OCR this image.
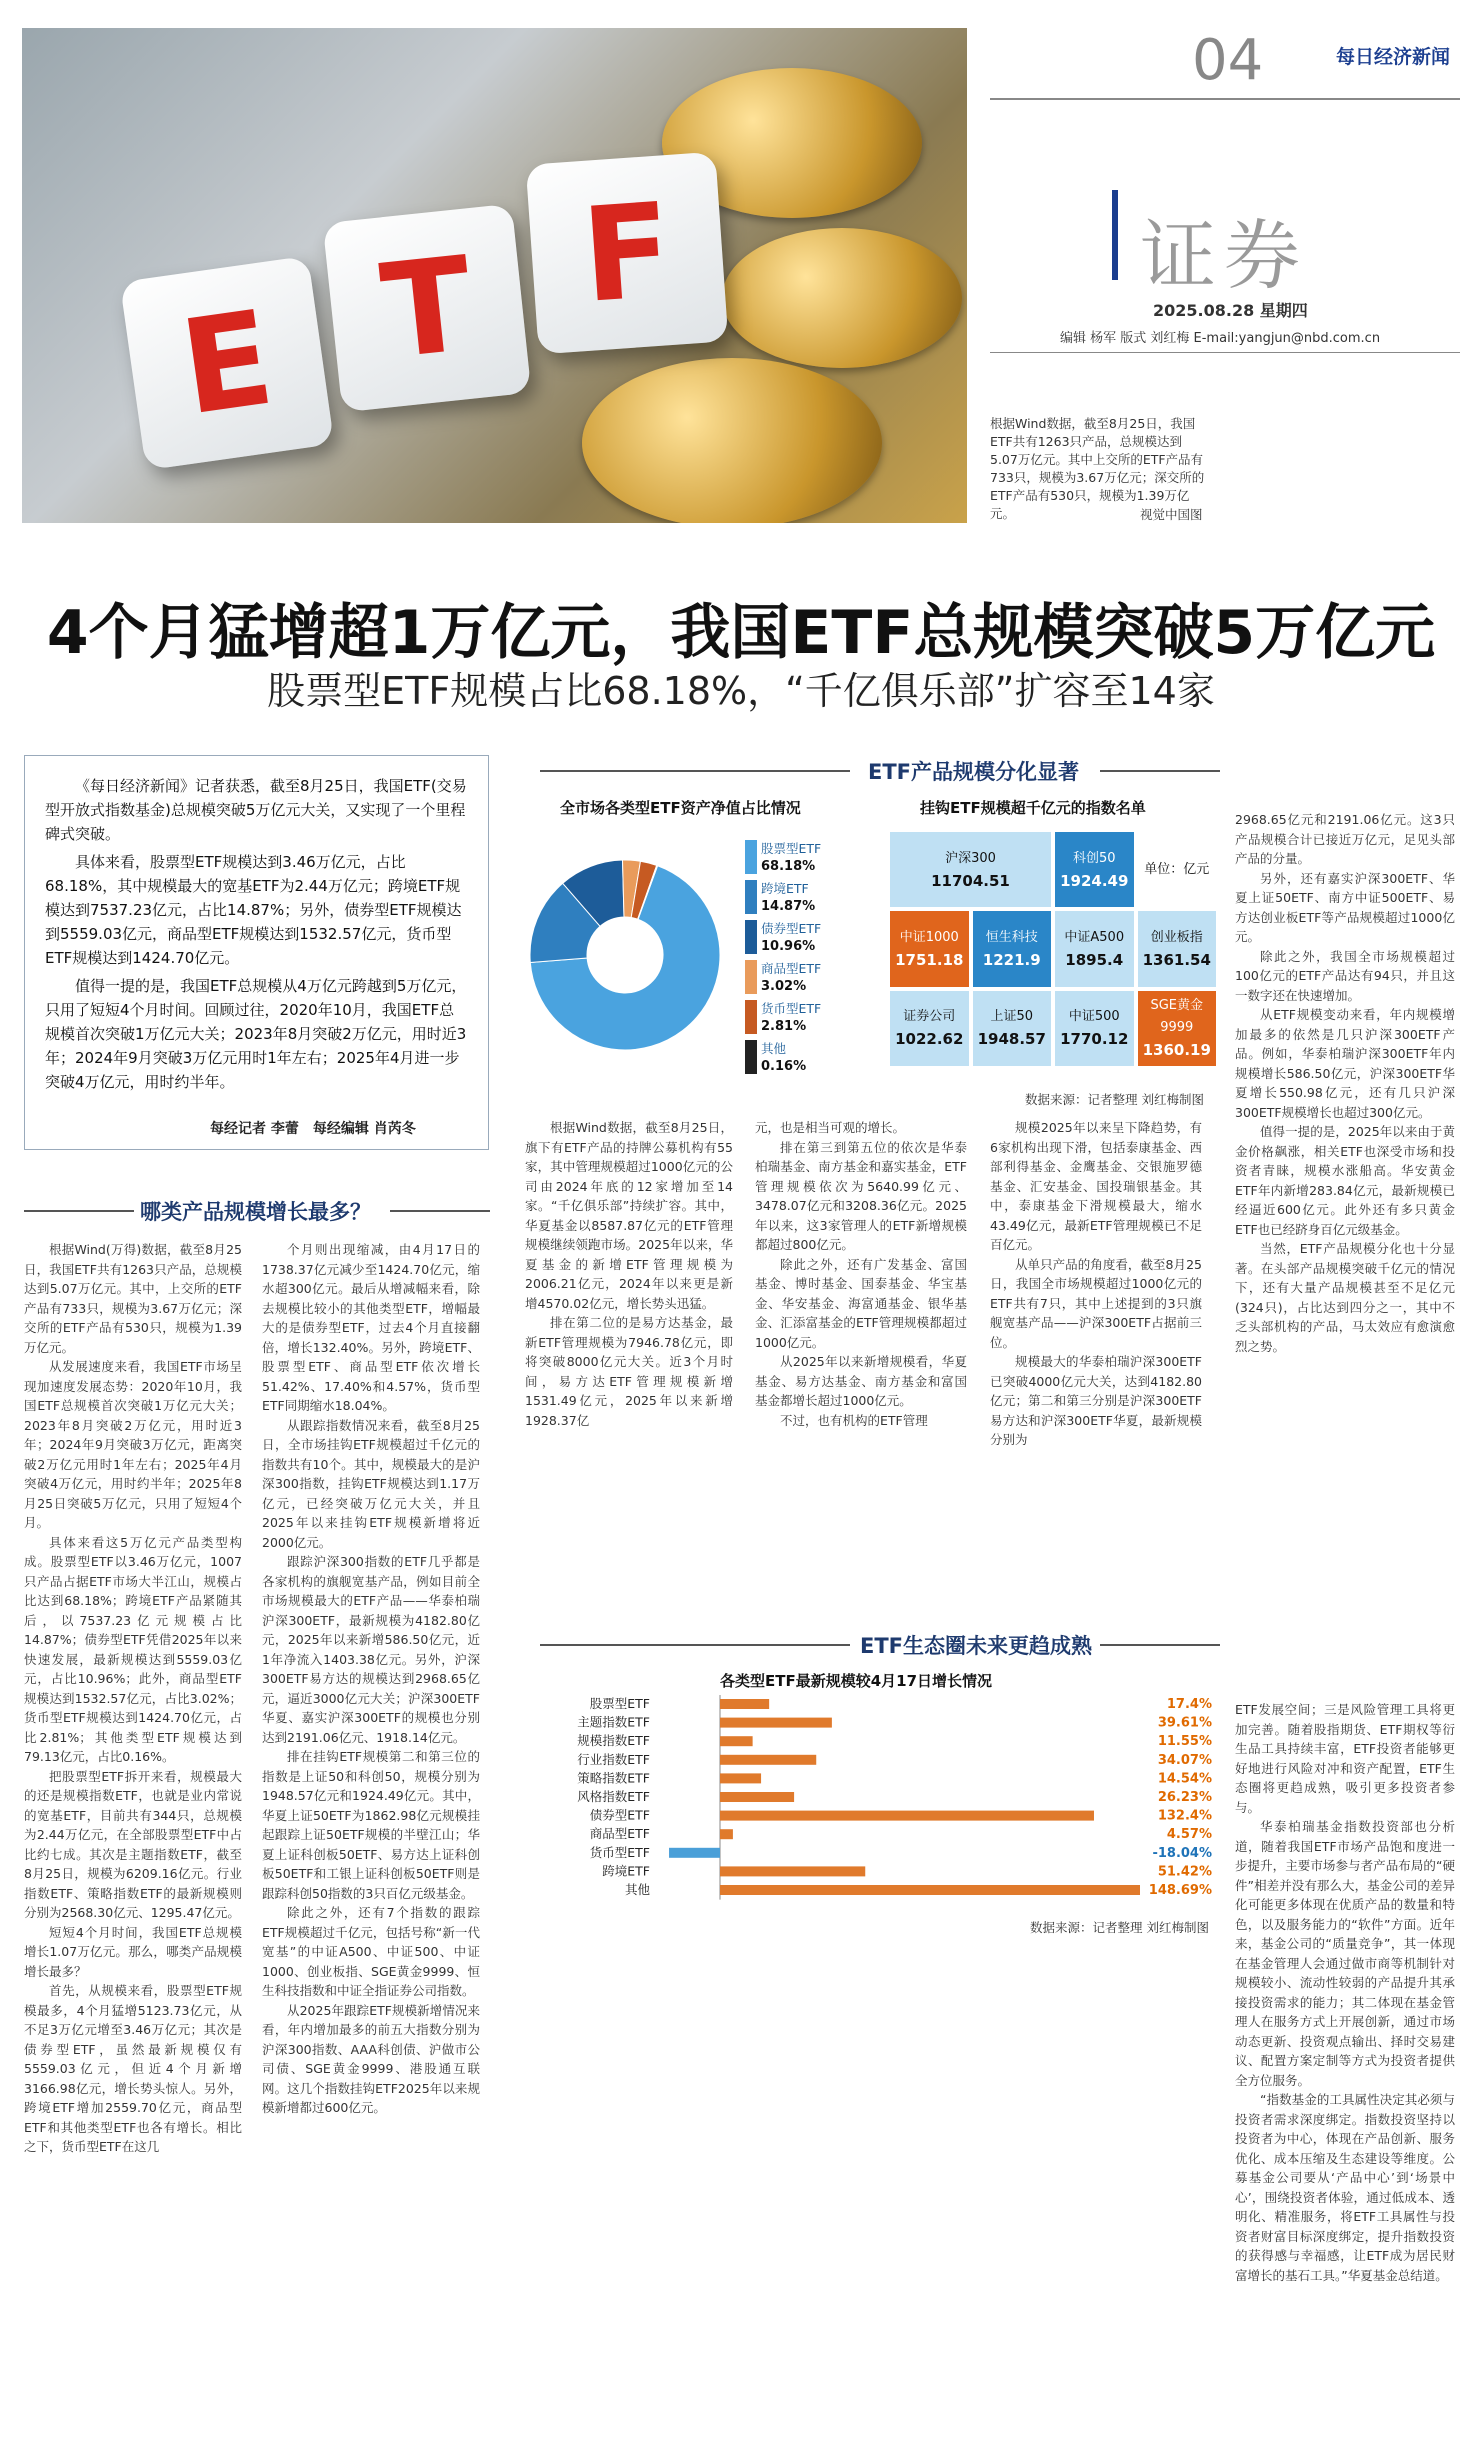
E T F
04	每日经济新闻
证券
2025.08.28 星期四
编辑 杨军 版式 刘红梅 E-mail:yangjun@nbd.com.cn
根据Wind数据，截至8月25日，我国ETF共有1263只产品，总规模达到5.07万亿元。其中上交所的ETF产品有733只，规模为3.67万亿元；深交所的ETF产品有530只，规模为1.39万亿元。	视觉中国图
4个月猛增超1万亿元，我国ETF总规模突破5万亿元
股票型ETF规模占比68.18%，“千亿俱乐部”扩容至14家

《每日经济新闻》记者获悉，截至8月25日，我国ETF(交易型开放式指数基金)总规模突破5万亿元大关，又实现了一个里程碑式突破。

具体来看，股票型ETF规模达到3.46万亿元，占比68.18%，其中规模最大的宽基ETF为2.44万亿元；跨境ETF规模达到7537.23亿元，占比14.87%；另外，债券型ETF规模达到5559.03亿元，商品型ETF规模达到1532.57亿元，货币型ETF规模达到1424.70亿元。

值得一提的是，我国ETF总规模从4万亿元跨越到5万亿元，只用了短短4个月时间。回顾过往，2020年10月，我国ETF总规模首次突破1万亿元大关；2023年8月突破2万亿元，用时近3年；2024年9月突破3万亿元用时1年左右；2025年4月进一步突破4万亿元，用时约半年。

每经记者 李蕾　每经编辑 肖芮冬
哪类产品规模增长最多？

根据Wind(万得)数据，截至8月25日，我国ETF共有1263只产品，总规模达到5.07万亿元。其中，上交所的ETF产品有733只，规模为3.67万亿元；深交所的ETF产品有530只，规模为1.39万亿元。

从发展速度来看，我国ETF市场呈现加速度发展态势：2020年10月，我国ETF总规模首次突破1万亿元大关；2023年8月突破2万亿元，用时近3年；2024年9月突破3万亿元，距离突破2万亿元用时1年左右；2025年4月突破4万亿元，用时约半年；2025年8月25日突破5万亿元，只用了短短4个月。

具体来看这5万亿元产品类型构成。股票型ETF以3.46万亿元，1007只产品占据ETF市场大半江山，规模占比达到68.18%；跨境ETF产品紧随其后，以7537.23亿元规模占比14.87%；债券型ETF凭借2025年以来快速发展，最新规模达到5559.03亿元，占比10.96%；此外，商品型ETF规模达到1532.57亿元，占比3.02%；货币型ETF规模达到1424.70亿元，占比2.81%；其他类型ETF规模达到79.13亿元，占比0.16%。

把股票型ETF拆开来看，规模最大的还是规模指数ETF，也就是业内常说的宽基ETF，目前共有344只，总规模为2.44万亿元，在全部股票型ETF中占比约七成。其次是主题指数ETF，截至8月25日，规模为6209.16亿元。行业指数ETF、策略指数ETF的最新规模则分别为2568.30亿元、1295.47亿元。

短短4个月时间，我国ETF总规模增长1.07万亿元。那么，哪类产品规模增长最多？

首先，从规模来看，股票型ETF规模最多，4个月猛增5123.73亿元，从不足3万亿元增至3.46万亿元；其次是债券型ETF，虽然最新规模仅有5559.03亿元，但近4个月新增3166.98亿元，增长势头惊人。另外，跨境ETF增加2559.70亿元，商品型ETF和其他类型ETF也各有增长。相比之下，货币型ETF在这几

个月则出现缩减，由4月17日的1738.37亿元减少至1424.70亿元，缩水超300亿元。最后从增减幅来看，除去规模比较小的其他类型ETF，增幅最大的是债券型ETF，过去4个月直接翻倍，增长132.40%。另外，跨境ETF、股票型ETF、商品型ETF依次增长51.42%、17.40%和4.57%，货币型ETF同期缩水18.04%。

从跟踪指数情况来看，截至8月25日，全市场挂钩ETF规模超过千亿元的指数共有10个。其中，规模最大的是沪深300指数，挂钩ETF规模达到1.17万亿元，已经突破万亿元大关，并且2025年以来挂钩ETF规模新增将近2000亿元。

跟踪沪深300指数的ETF几乎都是各家机构的旗舰宽基产品，例如目前全市场规模最大的ETF产品——华泰柏瑞沪深300ETF，最新规模为4182.80亿元，2025年以来新增586.50亿元，近1年净流入1403.38亿元。另外，沪深300ETF易方达的规模达到2968.65亿元，逼近3000亿元大关；沪深300ETF华夏、嘉实沪深300ETF的规模也分别达到2191.06亿元、1918.14亿元。

排在挂钩ETF规模第二和第三位的指数是上证50和科创50，规模分别为1948.57亿元和1924.49亿元。其中，华夏上证50ETF为1862.98亿元规模挂起跟踪上证50ETF规模的半壁江山；华夏上证科创板50ETF、易方达上证科创板50ETF和工银上证科创板50ETF则是跟踪科创50指数的3只百亿元级基金。

除此之外，还有7个指数的跟踪ETF规模超过千亿元，包括号称“新一代宽基”的中证A500、中证500、中证1000、创业板指、SGE黄金9999、恒生科技指数和中证全指证券公司指数。

从2025年跟踪ETF规模新增情况来看，年内增加最多的前五大指数分别为沪深300指数、AAA科创债、沪做市公司债、SGE黄金9999、港股通互联网。这几个指数挂钩ETF2025年以来规模新增都过600亿元。

ETF产品规模分化显著
全市场各类型ETF资产净值占比情况
股票型ETF
68.18%
跨境ETF
14.87%
债券型ETF
10.96%
商品型ETF
3.02%
货币型ETF
2.81%
其他
0.16%
挂钩ETF规模超千亿元的指数名单
沪深300
11704.51
科创50
1924.49
中证1000
1751.18
恒生科技
1221.9
中证A500
1895.4
创业板指
1361.54
证券公司
1022.62
上证50
1948.57
中证500
1770.12
SGE黄金9999
1360.19
单位：亿元
数据来源：记者整理 刘红梅制图

根据Wind数据，截至8月25日，旗下有ETF产品的持牌公募机构有55家，其中管理规模超过1000亿元的公司由2024年底的12家增加至14家。“千亿俱乐部”持续扩容。其中，华夏基金以8587.87亿元的ETF管理规模继续领跑市场。2025年以来，华夏基金的新增ETF管理规模为2006.21亿元，2024年以来更是新增4570.02亿元，增长势头迅猛。

排在第二位的是易方达基金，最新ETF管理规模为7946.78亿元，即将突破8000亿元大关。近3个月时间，易方达ETF管理规模新增1531.49亿元，2025年以来新增1928.37亿

元，也是相当可观的增长。

排在第三到第五位的依次是华泰柏瑞基金、南方基金和嘉实基金，ETF管理规模依次为5640.99亿元、3478.07亿元和3208.36亿元。2025年以来，这3家管理人的ETF新增规模都超过800亿元。

除此之外，还有广发基金、富国基金、博时基金、国泰基金、华宝基金、华安基金、海富通基金、银华基金、汇添富基金的ETF管理规模都超过1000亿元。

从2025年以来新增规模看，华夏基金、易方达基金、南方基金和富国基金都增长超过1000亿元。

不过，也有机构的ETF管理

规模2025年以来呈下降趋势，有6家机构出现下滑，包括泰康基金、西部利得基金、金鹰基金、交银施罗德基金、汇安基金、国投瑞银基金。其中，泰康基金下滑规模最大，缩水43.49亿元，最新ETF管理规模已不足百亿元。

从单只产品的角度看，截至8月25日，我国全市场规模超过1000亿元的ETF共有7只，其中上述提到的3只旗舰宽基产品——沪深300ETF占据前三位。

规模最大的华泰柏瑞沪深300ETF已突破4000亿元大关，达到4182.80亿元；第二和第三分别是沪深300ETF易方达和沪深300ETF华夏，最新规模分别为

2968.65亿元和2191.06亿元。这3只产品规模合计已接近万亿元，足见头部产品的分量。

另外，还有嘉实沪深300ETF、华夏上证50ETF、南方中证500ETF、易方达创业板ETF等产品规模超过1000亿元。

除此之外，我国全市场规模超过100亿元的ETF产品达有94只，并且这一数字还在快速增加。

从ETF规模变动来看，年内规模增加最多的依然是几只沪深300ETF产品。例如，华泰柏瑞沪深300ETF年内规模增长586.50亿元，沪深300ETF华夏增长550.98亿元，还有几只沪深300ETF规模增长也超过300亿元。

值得一提的是，2025年以来由于黄金价格飙涨，相关ETF也深受市场和投资者青睐，规模水涨船高。华安黄金ETF年内新增283.84亿元，最新规模已经逼近600亿元。此外还有多只黄金ETF也已经跻身百亿元级基金。

当然，ETF产品规模分化也十分显著。在头部产品规模突破千亿元的情况下，还有大量产品规模甚至不足亿元(324只)，占比达到四分之一，其中不乏头部机构的产品，马太效应有愈演愈烈之势。

ETF生态圈未来更趋成熟
各类型ETF最新规模较4月17日增长情况
股票型ETF	17.4%
主题指数ETF	39.61%
规模指数ETF	11.55%
行业指数ETF	34.07%
策略指数ETF	14.54%
风格指数ETF	26.23%
债券型ETF	132.4%
商品型ETF	4.57%
货币型ETF	-18.04%
跨境ETF	51.42%
其他	148.69%
数据来源：记者整理 刘红梅制图

ETF发展空间；三是风险管理工具将更加完善。随着股指期货、ETF期权等衍生品工具持续丰富，ETF投资者能够更好地进行风险对冲和资产配置，ETF生态圈将更趋成熟，吸引更多投资者参与。

华泰柏瑞基金指数投资部也分析道，随着我国ETF市场产品饱和度进一步提升，主要市场参与者产品布局的“硬件”相差并没有那么大，基金公司的差异化可能更多体现在优质产品的数量和特色，以及服务能力的“软件”方面。近年来，基金公司的“质量竞争”，其一体现在基金管理人会通过做市商等机制针对规模较小、流动性较弱的产品提升其承接投资需求的能力；其二体现在基金管理人在服务方式上开展创新，通过市场动态更新、投资观点输出、择时交易建议、配置方案定制等方式为投资者提供全方位服务。

“指数基金的工具属性决定其必须与投资者需求深度绑定。指数投资坚持以投资者为中心，体现在产品创新、服务优化、成本压缩及生态建设等维度。公募基金公司要从‘产品中心’到‘场景中心’，围绕投资者体验，通过低成本、透明化、精准服务，将ETF工具属性与投资者财富目标深度绑定，提升指数投资的获得感与幸福感，让ETF成为居民财富增长的基石工具。”华夏基金总结道。
